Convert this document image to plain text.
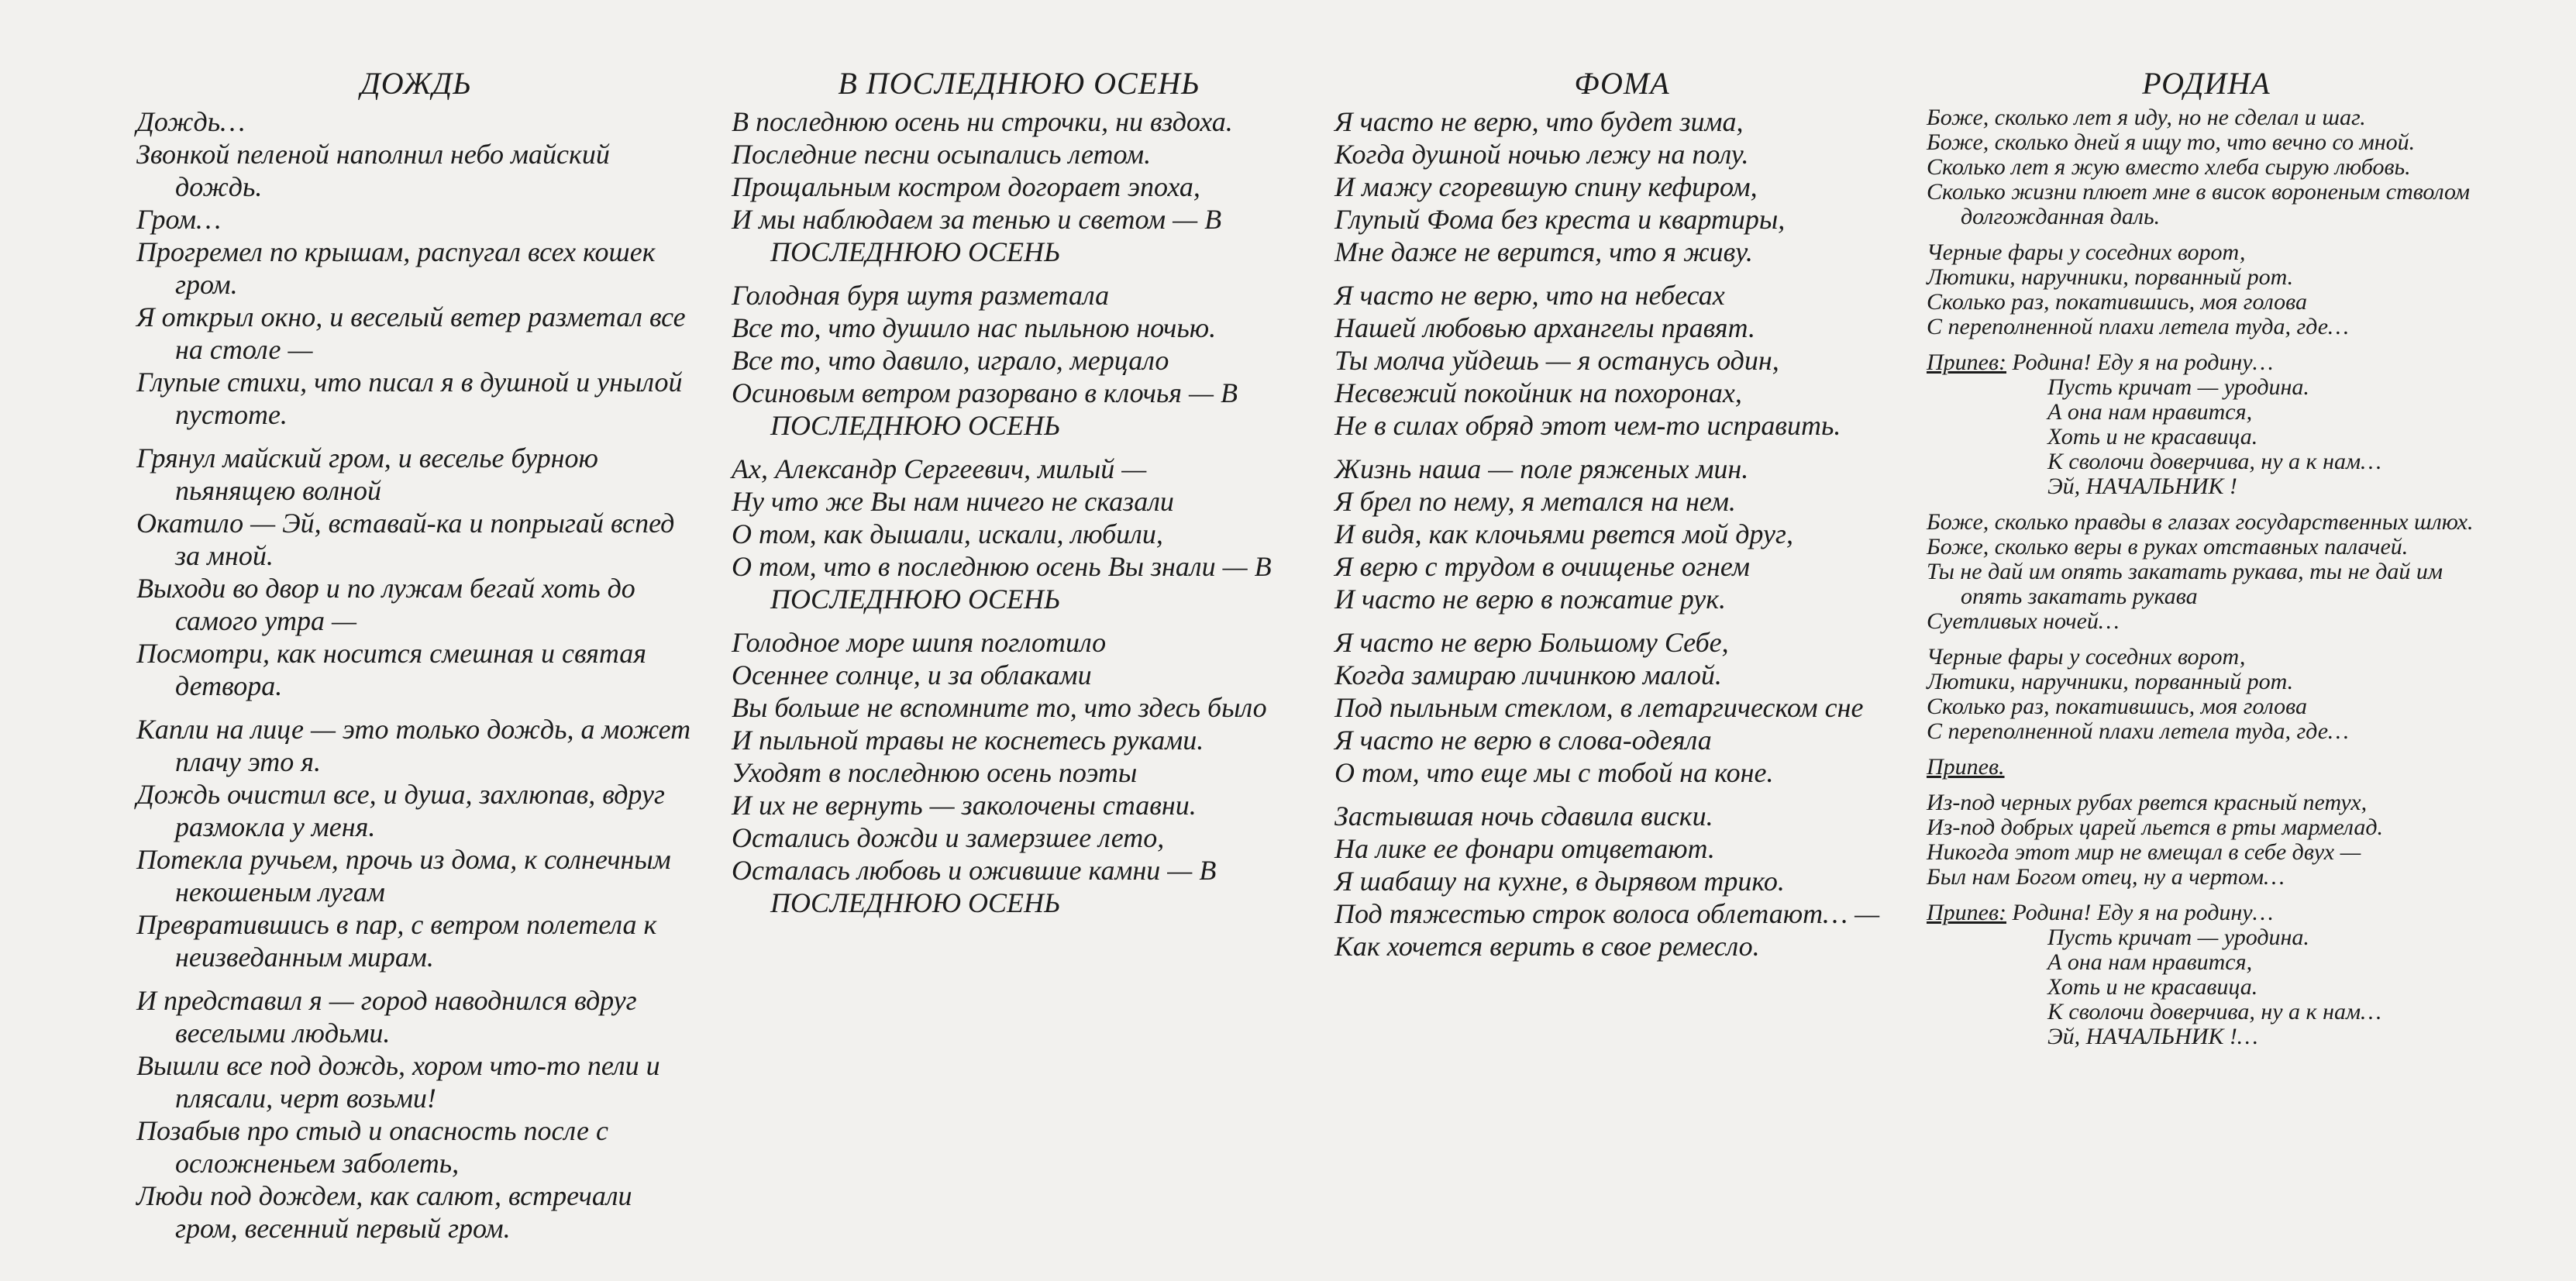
ДОЖДЬ

Дождь…

Звонкой пеленой наполнил небо майский дождь.

Гром…

Прогремел по крышам, распугал всех кошек гром.

Я открыл окно, и веселый ветер разметал все на столе —

Глупые стихи, что писал я в душной и унылой пустоте.

Грянул майский гром, и веселье бурною пьянящею волной

Окатило — Эй, вставай-ка и попрыгай вспед за мной.

Выходи во двор и по лужам бегай хоть до самого утра —

Посмотри, как носится смешная и святая детвора.

Капли на лице — это только дождь, а может плачу это я.

Дождь очистил все, и душа, захлюпав, вдруг размокла у меня.

Потекла ручьем, прочь из дома, к солнечным некошеным лугам

Превратившись в пар, с ветром полетела к неизведанным мирам.

И представил я — город наводнился вдруг веселыми людьми.

Вышли все под дождь, хором что-то пели и плясали, черт возьми!

Позабыв про стыд и опасность после с осложненьем заболеть,

Люди под дождем, как салют, встречали гром, весенний первый гром.

В ПОСЛЕДНЮЮ ОСЕНЬ

В последнюю осень ни строчки, ни вздоха.

Последние песни осыпались летом.

Прощальным костром догорает эпоха,

И мы наблюдаем за тенью и светом — В ПОСЛЕДНЮЮ ОСЕНЬ

Голодная буря шутя разметала

Все то, что душило нас пыльною ночью.

Все то, что давило, играло, мерцало

Осиновым ветром разорвано в клочья — В ПОСЛЕДНЮЮ ОСЕНЬ

Ах, Александр Сергеевич, милый —

Ну что же Вы нам ничего не сказали

О том, как дышали, искали, любили,

О том, что в последнюю осень Вы знали — В ПОСЛЕДНЮЮ ОСЕНЬ

Голодное море шипя поглотило

Осеннее солнце, и за облаками

Вы больше не вспомните то, что здесь было

И пыльной травы не коснетесь руками.

Уходят в последнюю осень поэты

И их не вернуть — заколочены ставни.

Остались дожди и замерзшее лето,

Осталась любовь и ожившие камни — В ПОСЛЕДНЮЮ ОСЕНЬ

ФОМА

Я часто не верю, что будет зима,

Когда душной ночью лежу на полу.

И мажу сгоревшую спину кефиром,

Глупый Фома без креста и квартиры,

Мне даже не верится, что я живу.

Я часто не верю, что на небесах

Нашей любовью архангелы правят.

Ты молча уйдешь — я останусь один,

Несвежий покойник на похоронах,

Не в силах обряд этот чем-то исправить.

Жизнь наша — поле ряженых мин.

Я брел по нему, я метался на нем.

И видя, как клочьями рвется мой друг,

Я верю с трудом в очищенье огнем

И часто не верю в пожатие рук.

Я часто не верю Большому Себе,

Когда замираю личинкою малой.

Под пыльным стеклом, в летаргическом сне

Я часто не верю в слова-одеяла

О том, что еще мы с тобой на коне.

Застывшая ночь сдавила виски.

На лике ее фонари отцветают.

Я шабашу на кухне, в дырявом трико.

Под тяжестью строк волоса облетают… —

Как хочется верить в свое ремесло.

РОДИНА

Боже, сколько лет я иду, но не сделал и шаг.

Боже, сколько дней я ищу то, что вечно со мной.

Сколько лет я жую вместо хлеба сырую любовь.

Сколько жизни плюет мне в висок вороненым стволом долгожданная даль.

Черные фары у соседних ворот,

Лютики, наручники, порванный рот.

Сколько раз, покатившись, моя голова

С переполненной плахи летела туда, где…

Припев: Родина! Еду я на родину…

Пусть кричат — уродина.

А она нам нравится,

Хоть и не красавица.

К сволочи доверчива, ну а к нам…

Эй, НАЧАЛЬНИК !

Боже, сколько правды в глазах государственных шлюх.

Боже, сколько веры в руках отставных палачей.

Ты не дай им опять закатать рукава, ты не дай им опять закатать рукава

Суетливых ночей…

Черные фары у соседних ворот,

Лютики, наручники, порванный рот.

Сколько раз, покатившись, моя голова

С переполненной плахи летела туда, где…

Припев.

Из-под черных рубах рвется красный петух,

Из-под добрых царей льется в рты мармелад.

Никогда этот мир не вмещал в себе двух —

Был нам Богом отец, ну а чертом…

Припев: Родина! Еду я на родину…

Пусть кричат — уродина.

А она нам нравится,

Хоть и не красавица.

К сволочи доверчива, ну а к нам…

Эй, НАЧАЛЬНИК !…
